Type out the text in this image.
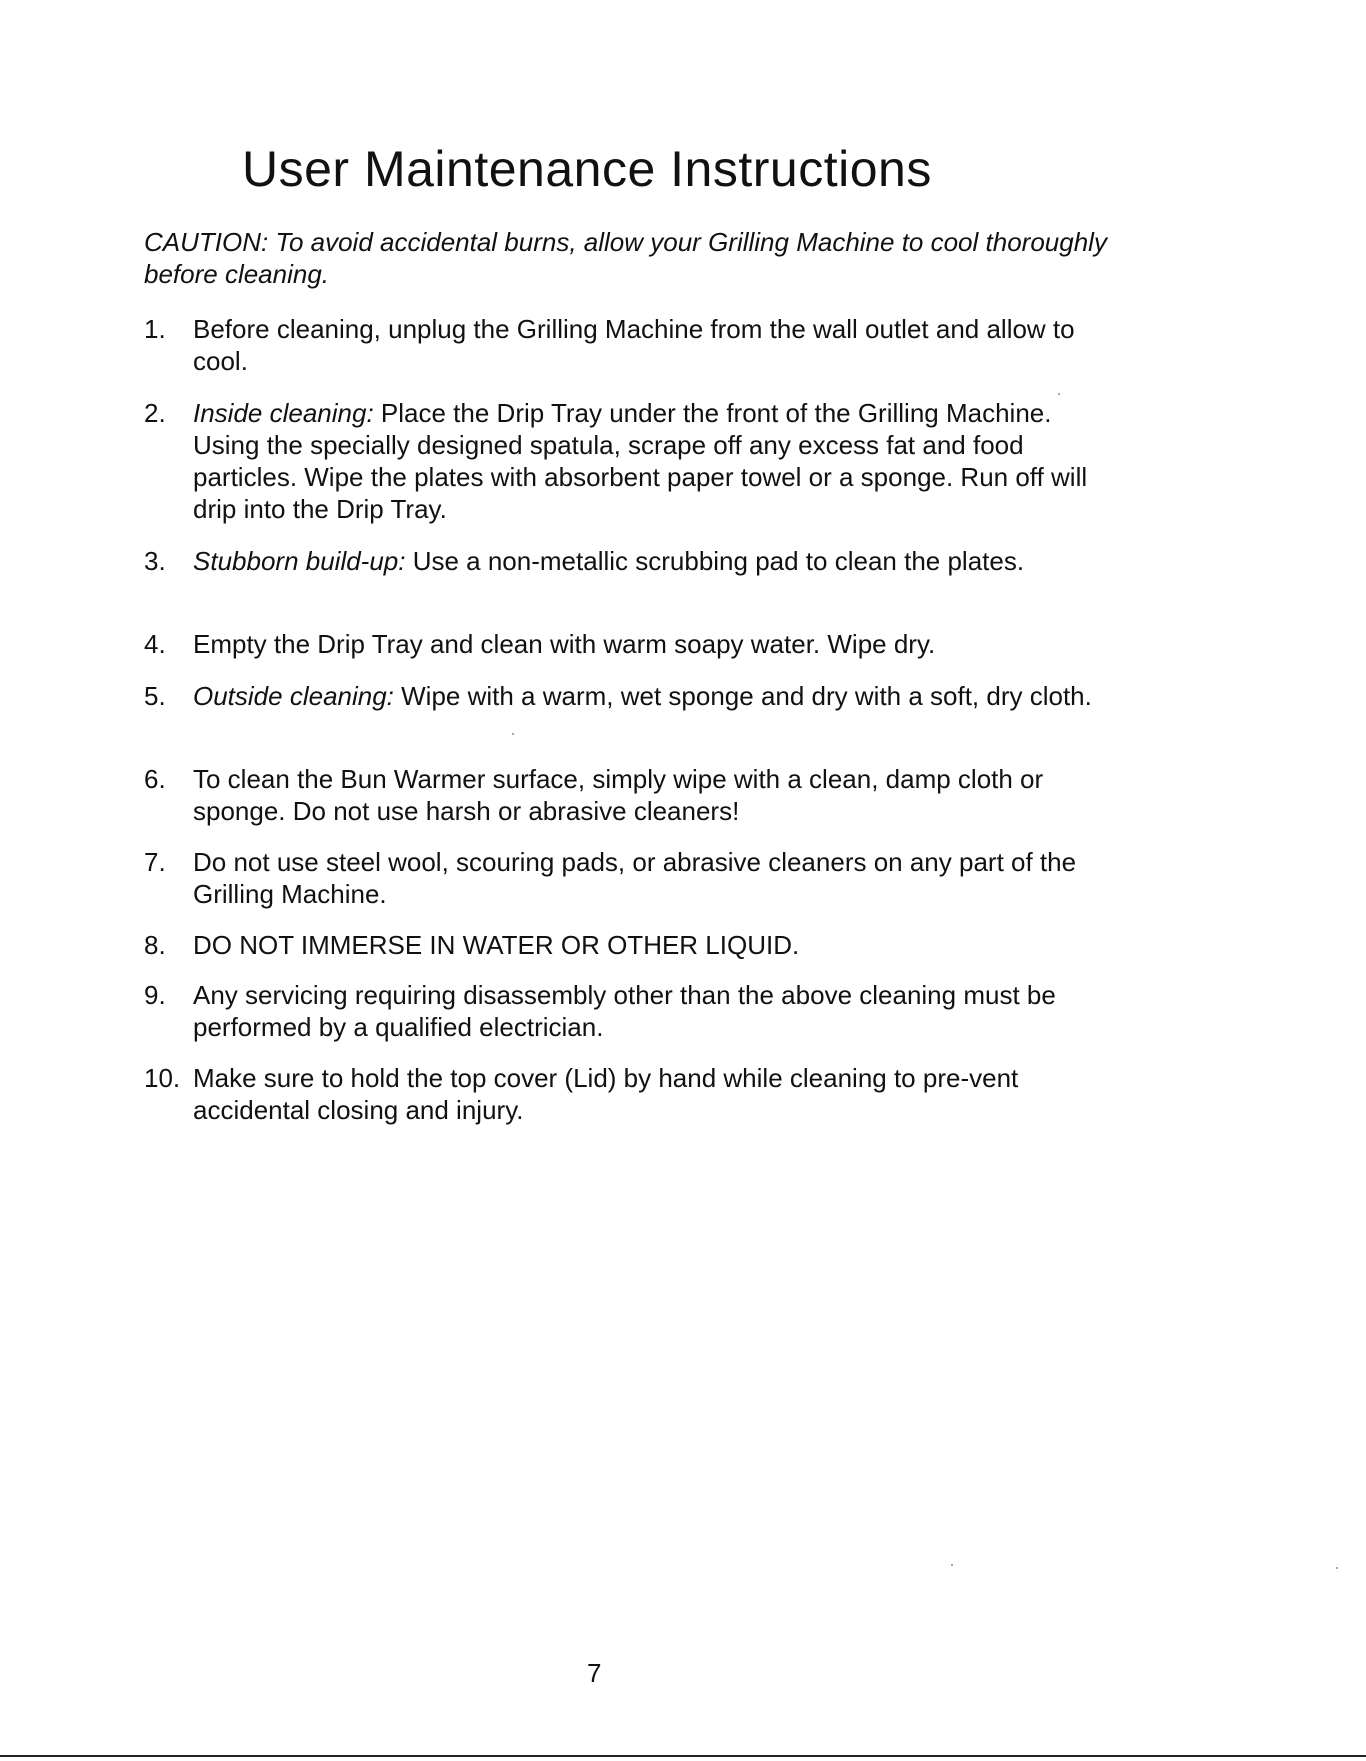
User Maintenance Instructions

CAUTION: To avoid accidental burns, allow your Grilling Machine to cool thoroughly before cleaning.

1.	Before cleaning, unplug the Grilling Machine from the wall outlet and allow to cool.
2.	Inside cleaning: Place the Drip Tray under the front of the Grilling Machine. Using the specially designed spatula, scrape off any excess fat and food particles. Wipe the plates with absorbent paper towel or a sponge. Run off will drip into the Drip Tray.
3.	Stubborn build-up: Use a non-metallic scrubbing pad to clean the plates.
4.	Empty the Drip Tray and clean with warm soapy water. Wipe dry.
5.	Outside cleaning: Wipe with a warm, wet sponge and dry with a soft, dry cloth.
6.	To clean the Bun Warmer surface, simply wipe with a clean, damp cloth or sponge. Do not use harsh or abrasive cleaners!
7.	Do not use steel wool, scouring pads, or abrasive cleaners on any part of the Grilling Machine.
8.	DO NOT IMMERSE IN WATER OR OTHER LIQUID.
9.	Any servicing requiring disassembly other than the above cleaning must be performed by a qualified electrician.
10. Make sure to hold the top cover (Lid) by hand while cleaning to pre-vent accidental closing and injury.
7
